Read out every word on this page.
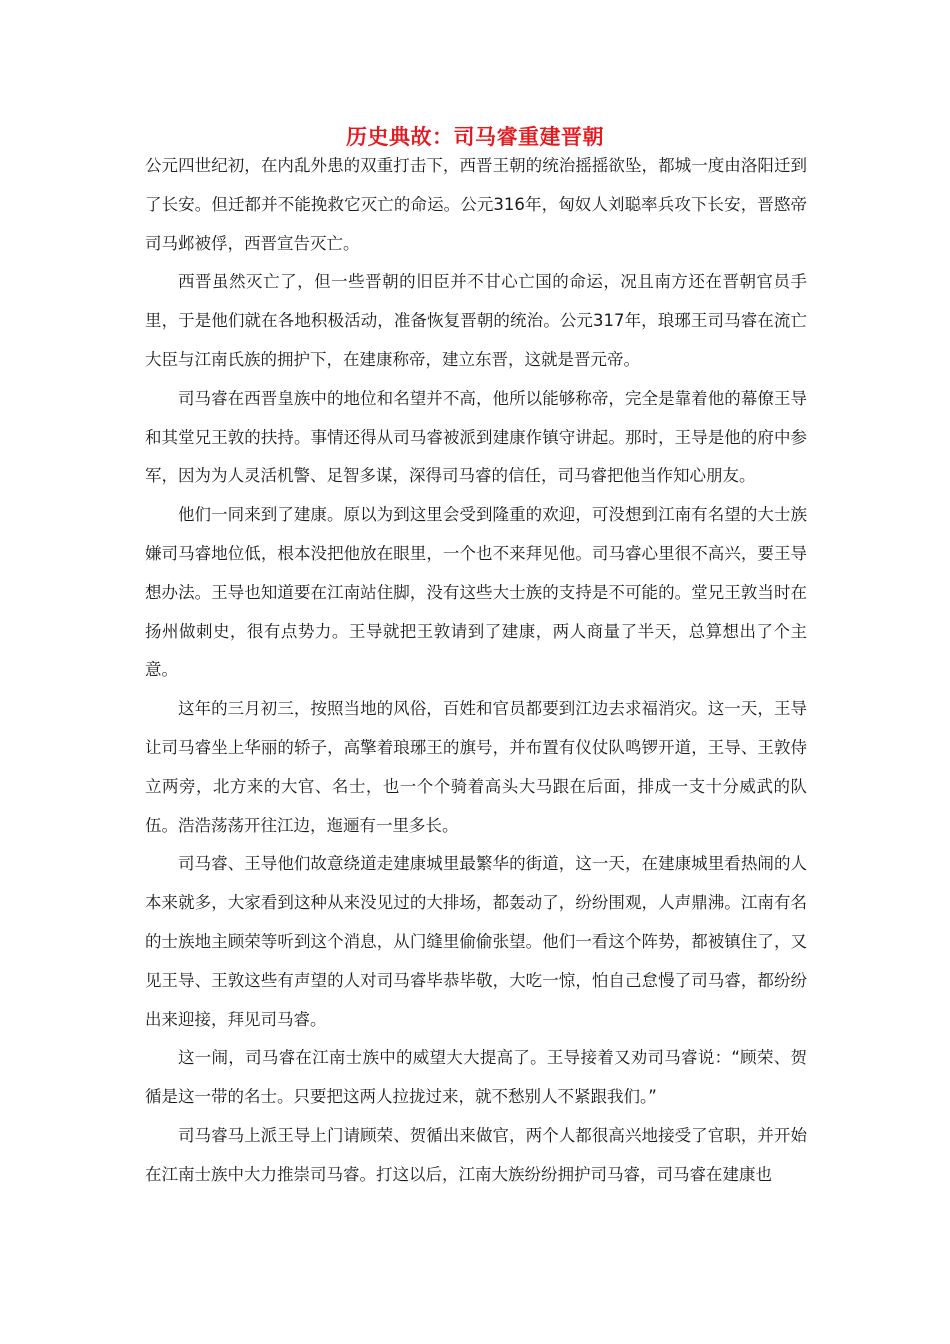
历史典故：司马睿重建晋朝

公元四世纪初，在内乱外患的双重打击下，西晋王朝的统治摇摇欲坠，都城一度由洛阳迁到了长安。但迁都并不能挽救它灭亡的命运。公元316年，匈奴人刘聪率兵攻下长安，晋愍帝司马邺被俘，西晋宣告灭亡。

西晋虽然灭亡了，但一些晋朝的旧臣并不甘心亡国的命运，况且南方还在晋朝官员手里，于是他们就在各地积极活动，准备恢复晋朝的统治。公元317年，琅琊王司马睿在流亡大臣与江南氏族的拥护下，在建康称帝，建立东晋，这就是晋元帝。

司马睿在西晋皇族中的地位和名望并不高，他所以能够称帝，完全是靠着他的幕僚王导和其堂兄王敦的扶持。事情还得从司马睿被派到建康作镇守讲起。那时，王导是他的府中参军，因为为人灵活机警、足智多谋，深得司马睿的信任，司马睿把他当作知心朋友。

他们一同来到了建康。原以为到这里会受到隆重的欢迎，可没想到江南有名望的大士族嫌司马睿地位低，根本没把他放在眼里，一个也不来拜见他。司马睿心里很不高兴，要王导想办法。王导也知道要在江南站住脚，没有这些大士族的支持是不可能的。堂兄王敦当时在扬州做刺史，很有点势力。王导就把王敦请到了建康，两人商量了半天，总算想出了个主意。

这年的三月初三，按照当地的风俗，百姓和官员都要到江边去求福消灾。这一天，王导让司马睿坐上华丽的轿子，高擎着琅琊王的旗号，并布置有仪仗队鸣锣开道，王导、王敦侍立两旁，北方来的大官、名士，也一个个骑着高头大马跟在后面，排成一支十分威武的队伍。浩浩荡荡开往江边，迤逦有一里多长。

司马睿、王导他们故意绕道走建康城里最繁华的街道，这一天，在建康城里看热闹的人本来就多，大家看到这种从来没见过的大排场，都轰动了，纷纷围观，人声鼎沸。江南有名的士族地主顾荣等听到这个消息，从门缝里偷偷张望。他们一看这个阵势，都被镇住了，又见王导、王敦这些有声望的人对司马睿毕恭毕敬，大吃一惊，怕自己怠慢了司马睿，都纷纷出来迎接，拜见司马睿。

这一闹，司马睿在江南士族中的威望大大提高了。王导接着又劝司马睿说：“顾荣、贺循是这一带的名士。只要把这两人拉拢过来，就不愁别人不紧跟我们。”

司马睿马上派王导上门请顾荣、贺循出来做官，两个人都很高兴地接受了官职，并开始在江南士族中大力推崇司马睿。打这以后，江南大族纷纷拥护司马睿，司马睿在建康也
